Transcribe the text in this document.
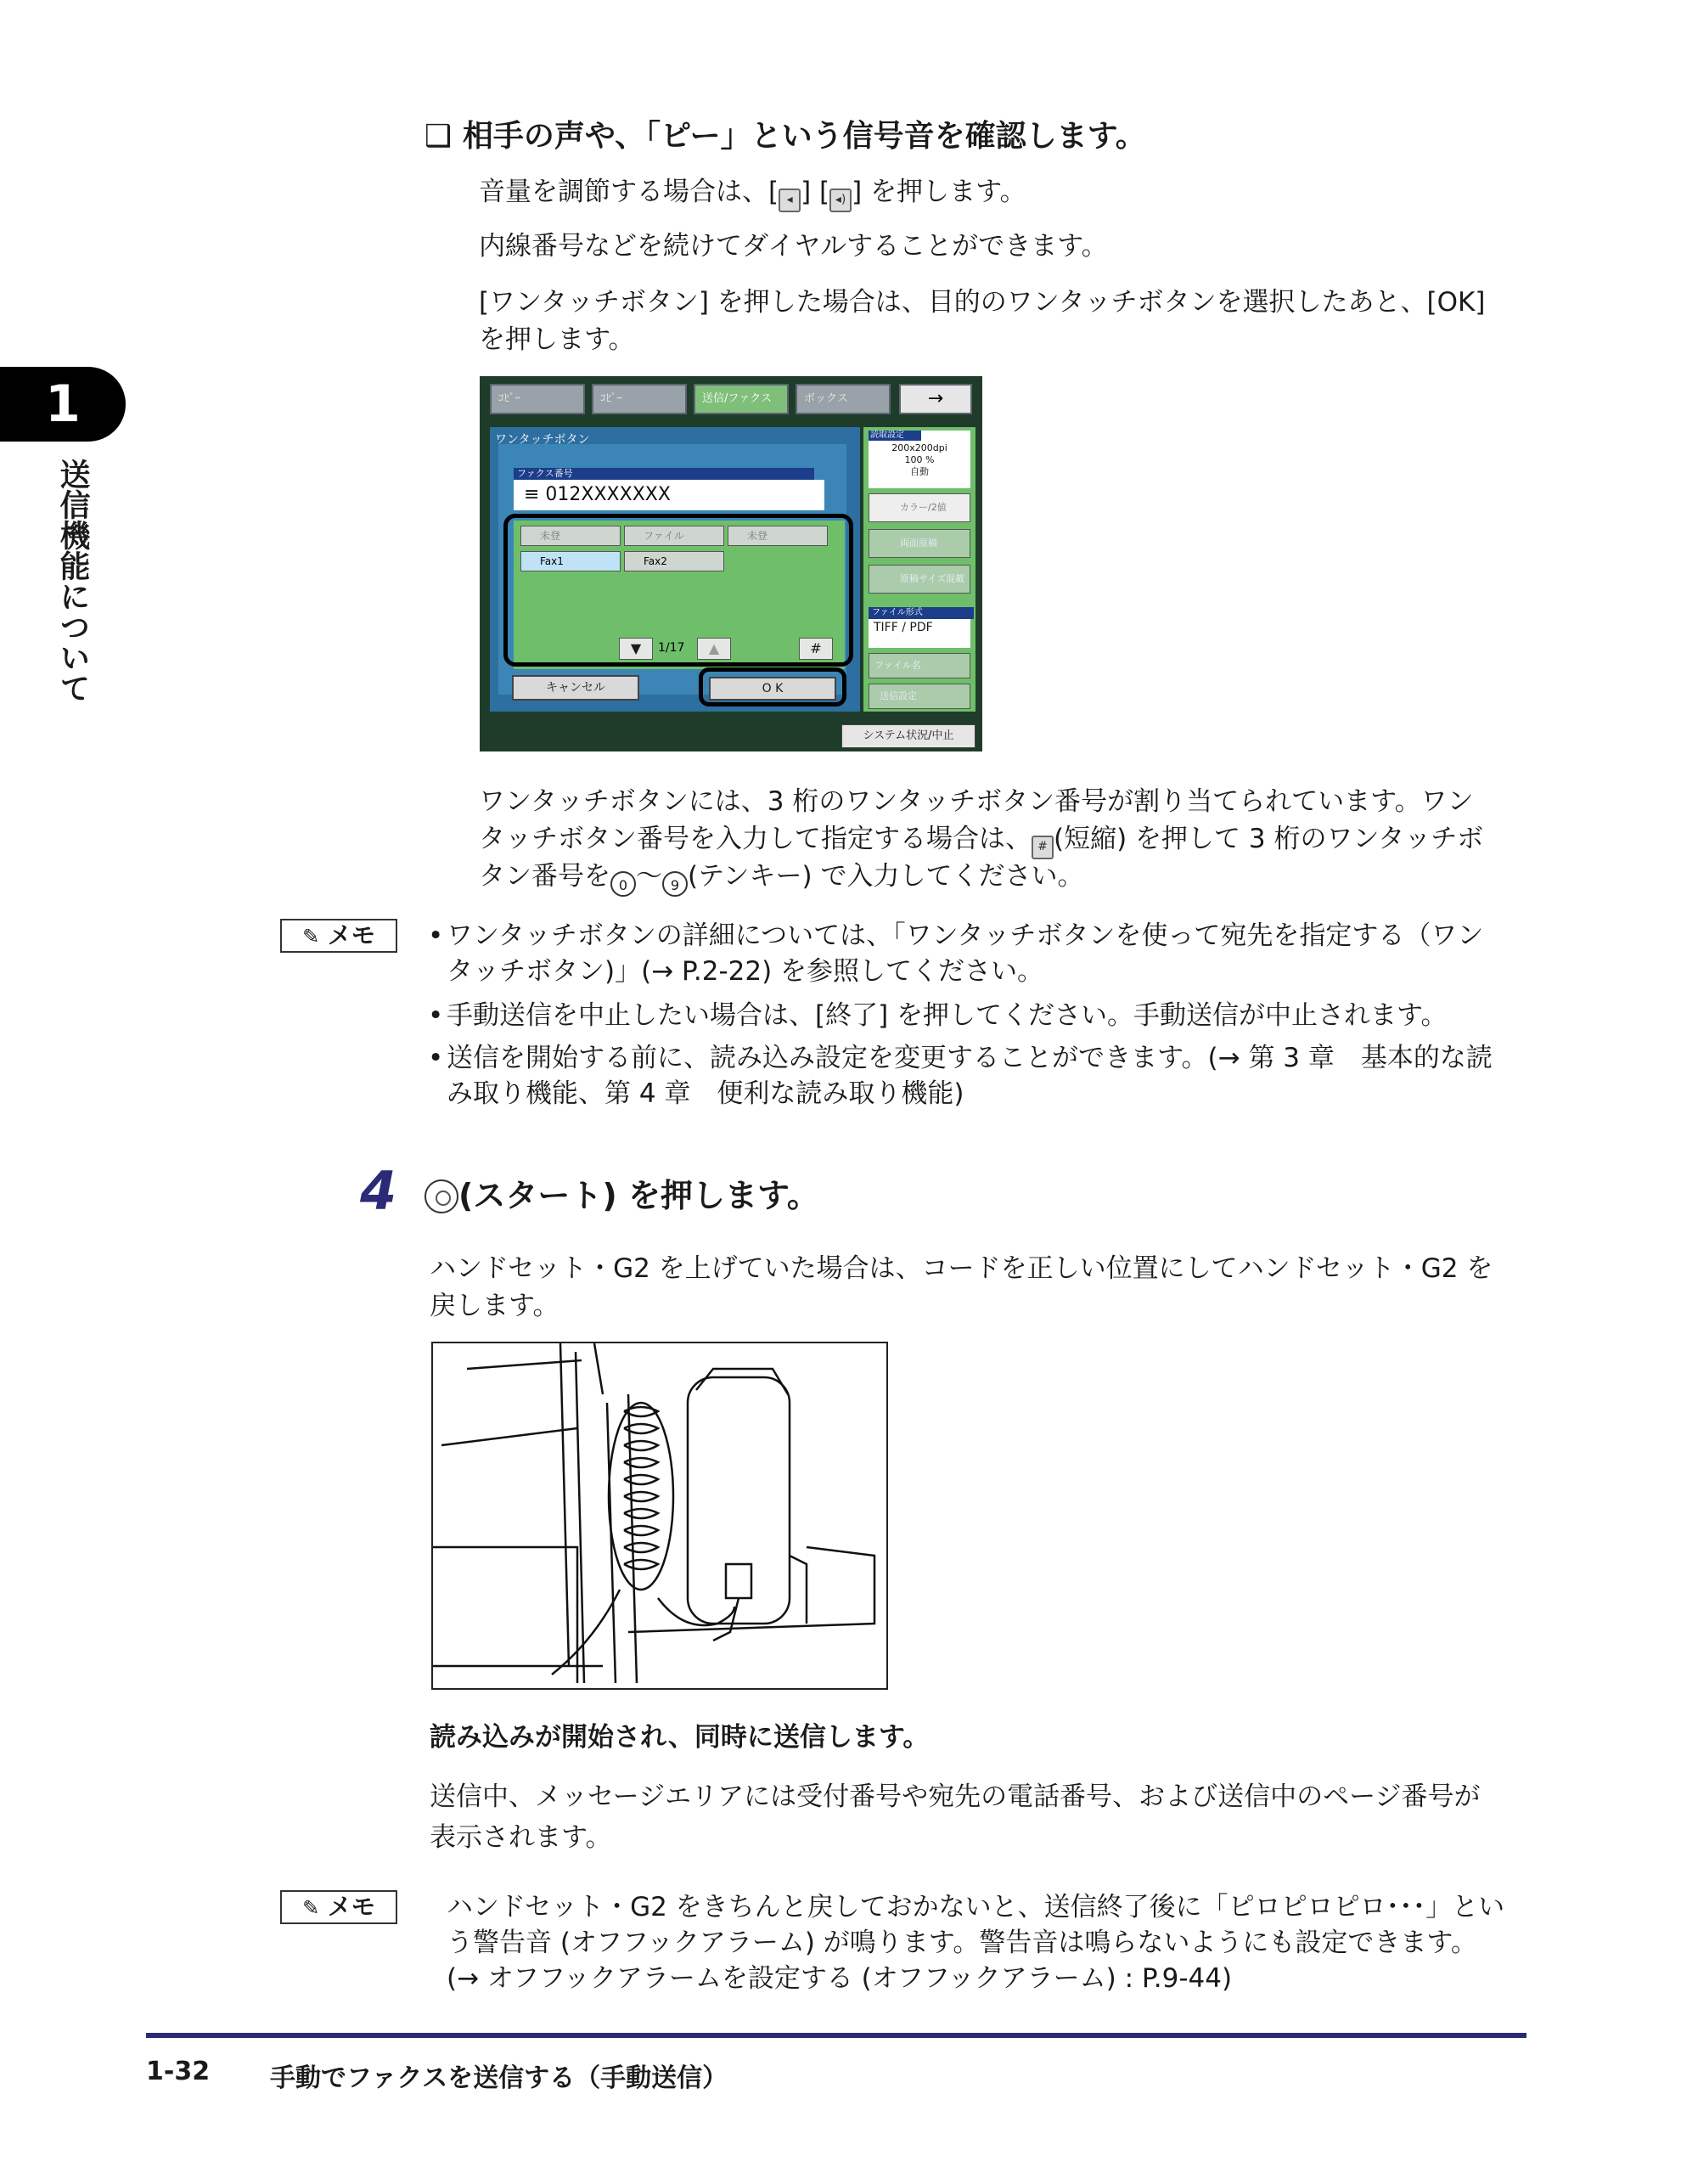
1
送信機能について
❑ 相手の声や、「ピー」という信号音を確認します。
音量を調節する場合は、[ ◂ ] [ ◂) ] を押します。
内線番号などを続けてダイヤルすることができます。
[ワンタッチボタン] を押した場合は、目的のワンタッチボタンを選択したあと、[OK]
を押します。
ｺﾋﾟｰ	ｺﾋﾟｰ	送信/ファクス	ボックス	→
ワンタッチボタン
ファクス番号
≡ 012XXXXXXX
未登	ファイル	未登
Fax1	Fax2
▼	1/17	▲	#
キャンセル	O K
200x200dpi
100 %
自動
読取設定
カラー/2値
両面原稿
原稿サイズ混載
ファイル形式
TIFF / PDF
ファイル名
送信設定
システム状況/中止
ワンタッチボタンには、3 桁のワンタッチボタン番号が割り当てられています。ワン
タッチボタン番号を入力して指定する場合は、 # (短縮) を押して 3 桁のワンタッチボ
タン番号を 0 ～ 9 (テンキー) で入力してください。
✎ メモ
•	ワンタッチボタンの詳細については、「ワンタッチボタンを使って宛先を指定する（ワン
タッチボタン)」(→ P.2-22) を参照してください。
• 手動送信を中止したい場合は、[終了] を押してください。手動送信が中止されます。
• 送信を開始する前に、読み込み設定を変更することができます。(→ 第 3 章　基本的な読
み取り機能、第 4 章　便利な読み取り機能)
4	(スタート) を押します。
ハンドセット・G2 を上げていた場合は、コードを正しい位置にしてハンドセット・G2 を
戻します。
読み込みが開始され、同時に送信します。
送信中、メッセージエリアには受付番号や宛先の電話番号、および送信中のページ番号が
表示されます。
✎ メモ	ハンドセット・G2 をきちんと戻しておかないと、送信終了後に「ピロピロピロ･･･」とい
う警告音 (オフフックアラーム) が鳴ります。警告音は鳴らないようにも設定できます。
(→ オフフックアラームを設定する (オフフックアラーム) : P.9-44)
1-32 手動でファクスを送信する（手動送信）
